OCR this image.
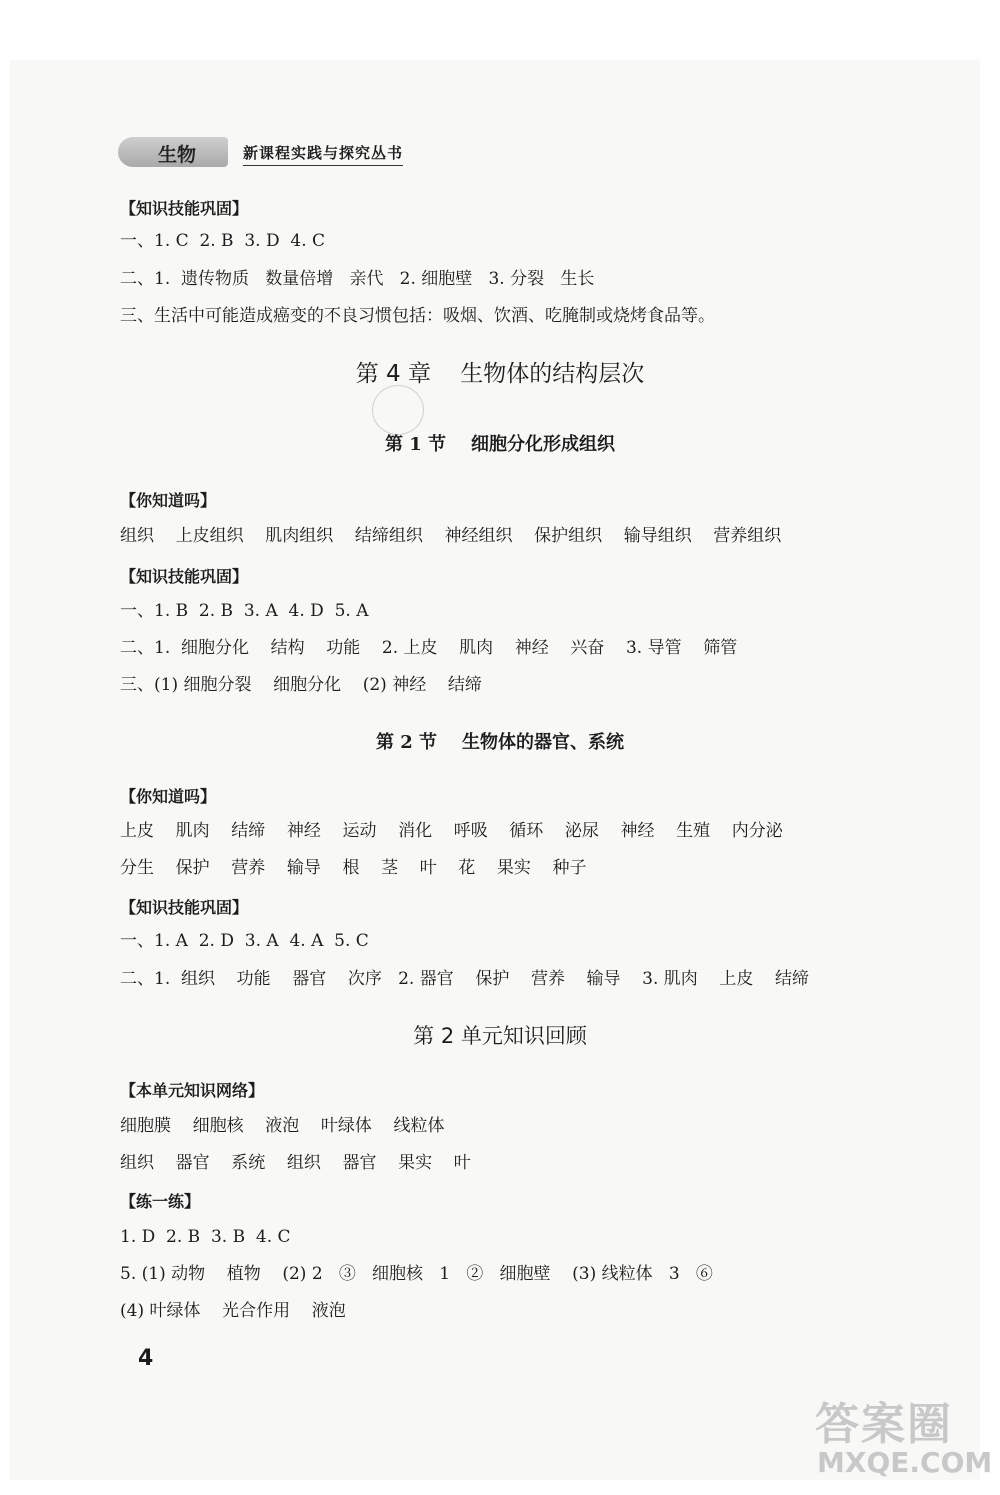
生物	新课程实践与探究丛书
【知识技能巩固】
一、1. C  2. B  3. D  4. C
二、1.  遗传物质   数量倍增   亲代   2. 细胞壁   3. 分裂   生长
三、生活中可能造成癌变的不良习惯包括：吸烟、饮酒、吃腌制或烧烤食品等。
第 4 章    生物体的结构层次
第 1 节    细胞分化形成组织
【你知道吗】
组织    上皮组织    肌肉组织    结缔组织    神经组织    保护组织    输导组织    营养组织
【知识技能巩固】
一、1. B  2. B  3. A  4. D  5. A
二、1.  细胞分化    结构    功能    2. 上皮    肌肉    神经    兴奋    3. 导管    筛管
三、(1) 细胞分裂    细胞分化    (2) 神经    结缔
第 2 节    生物体的器官、系统
【你知道吗】
上皮    肌肉    结缔    神经    运动    消化    呼吸    循环    泌尿    神经    生殖    内分泌
分生    保护    营养    输导    根    茎    叶    花    果实    种子
【知识技能巩固】
一、1. A  2. D  3. A  4. A  5. C
二、1.  组织    功能    器官    次序   2. 器官    保护    营养    输导    3. 肌肉    上皮    结缔
第 2 单元知识回顾
【本单元知识网络】
细胞膜    细胞核    液泡    叶绿体    线粒体
组织    器官    系统    组织    器官    果实    叶
【练一练】
1. D  2. B  3. B  4. C
5. (1) 动物    植物    (2) 2   ③   细胞核   1   ②   细胞壁    (3) 线粒体   3   ⑥
(4) 叶绿体    光合作用    液泡
4
答案圈
MXQE.COM
